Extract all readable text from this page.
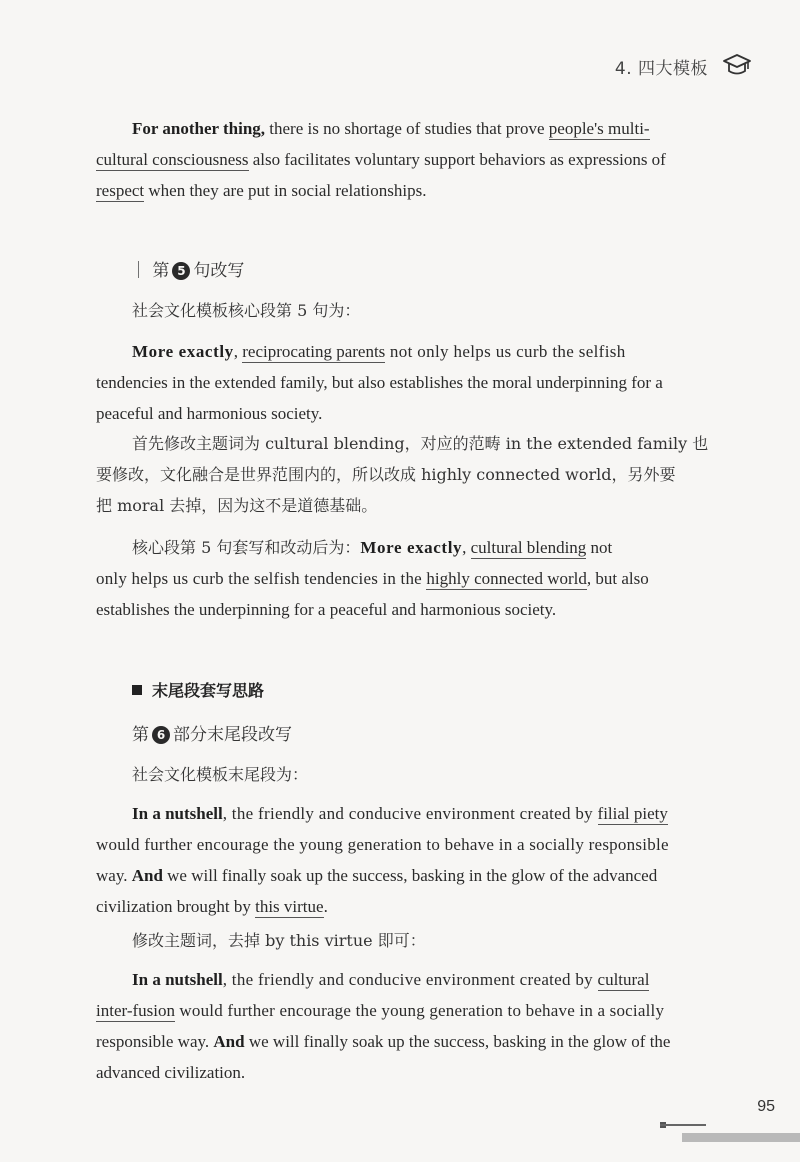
4. 四大模板
For another thing, there is no shortage of studies that prove people's multi-
cultural consciousness also facilitates voluntary support behaviors as expressions of
respect when they are put in social relationships.
｜ 第 5 句改写
社会文化模板核心段第 5 句为：
More exactly, reciprocating parents not only helps us curb the selfish
tendencies in the extended family, but also establishes the moral underpinning for a
peaceful and harmonious society.
首先修改主题词为 cultural blending，对应的范畴 in the extended family 也
要修改，文化融合是世界范围内的，所以改成 highly connected world，另外要
把 moral 去掉，因为这不是道德基础。
核心段第 5 句套写和改动后为：More exactly, cultural blending not
only helps us curb the selfish tendencies in the highly connected world, but also
establishes the underpinning for a peaceful and harmonious society.
末尾段套写思路
第 6 部分末尾段改写
社会文化模板末尾段为：
In a nutshell, the friendly and conducive environment created by filial piety
would further encourage the young generation to behave in a socially responsible
way. And we will finally soak up the success, basking in the glow of the advanced
civilization brought by this virtue.
修改主题词，去掉 by this virtue 即可：
In a nutshell, the friendly and conducive environment created by cultural
inter-fusion would further encourage the young generation to behave in a socially
responsible way. And we will finally soak up the success, basking in the glow of the
advanced civilization.
95
